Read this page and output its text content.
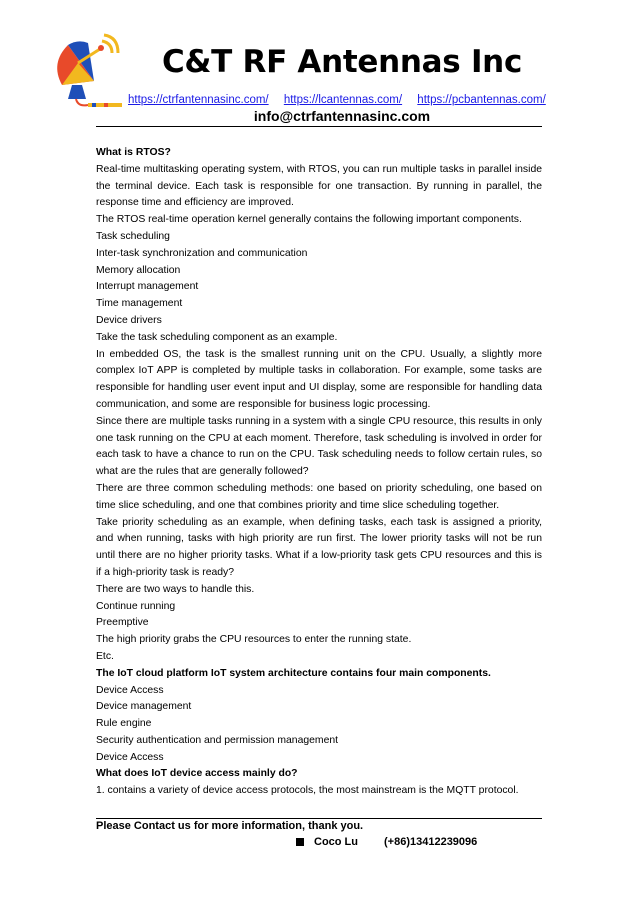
C&T RF Antennas Inc
https://ctrfantennasinc.com/ https://lcantennas.com/ https://pcbantennas.com/
info@ctrfantennasinc.com

What is RTOS?

Real-time multitasking operating system, with RTOS, you can run multiple tasks in parallel inside the terminal device. Each task is responsible for one transaction. By running in parallel, the response time and efficiency are improved.

The RTOS real-time operation kernel generally contains the following important components.

Task scheduling

Inter-task synchronization and communication

Memory allocation

Interrupt management

Time management

Device drivers

Take the task scheduling component as an example.

In embedded OS, the task is the smallest running unit on the CPU. Usually, a slightly more complex IoT APP is completed by multiple tasks in collaboration. For example, some tasks are responsible for handling user event input and UI display, some are responsible for handling data communication, and some are responsible for business logic processing.

Since there are multiple tasks running in a system with a single CPU resource, this results in only one task running on the CPU at each moment. Therefore, task scheduling is involved in order for each task to have a chance to run on the CPU. Task scheduling needs to follow certain rules, so what are the rules that are generally followed?

There are three common scheduling methods: one based on priority scheduling, one based on time slice scheduling, and one that combines priority and time slice scheduling together.

Take priority scheduling as an example, when defining tasks, each task is assigned a priority, and when running, tasks with high priority are run first. The lower priority tasks will not be run until there are no higher priority tasks. What if a low-priority task gets CPU resources and this is if a high-priority task is ready?

There are two ways to handle this.

Continue running

Preemptive

The high priority grabs the CPU resources to enter the running state.

Etc.

The IoT cloud platform IoT system architecture contains four main components.

Device Access

Device management

Rule engine

Security authentication and permission management

Device Access

What does IoT device access mainly do?

1. contains a variety of device access protocols, the most mainstream is the MQTT protocol.

Please Contact us for more information, thank you.
Coco Lu (+86)13412239096
